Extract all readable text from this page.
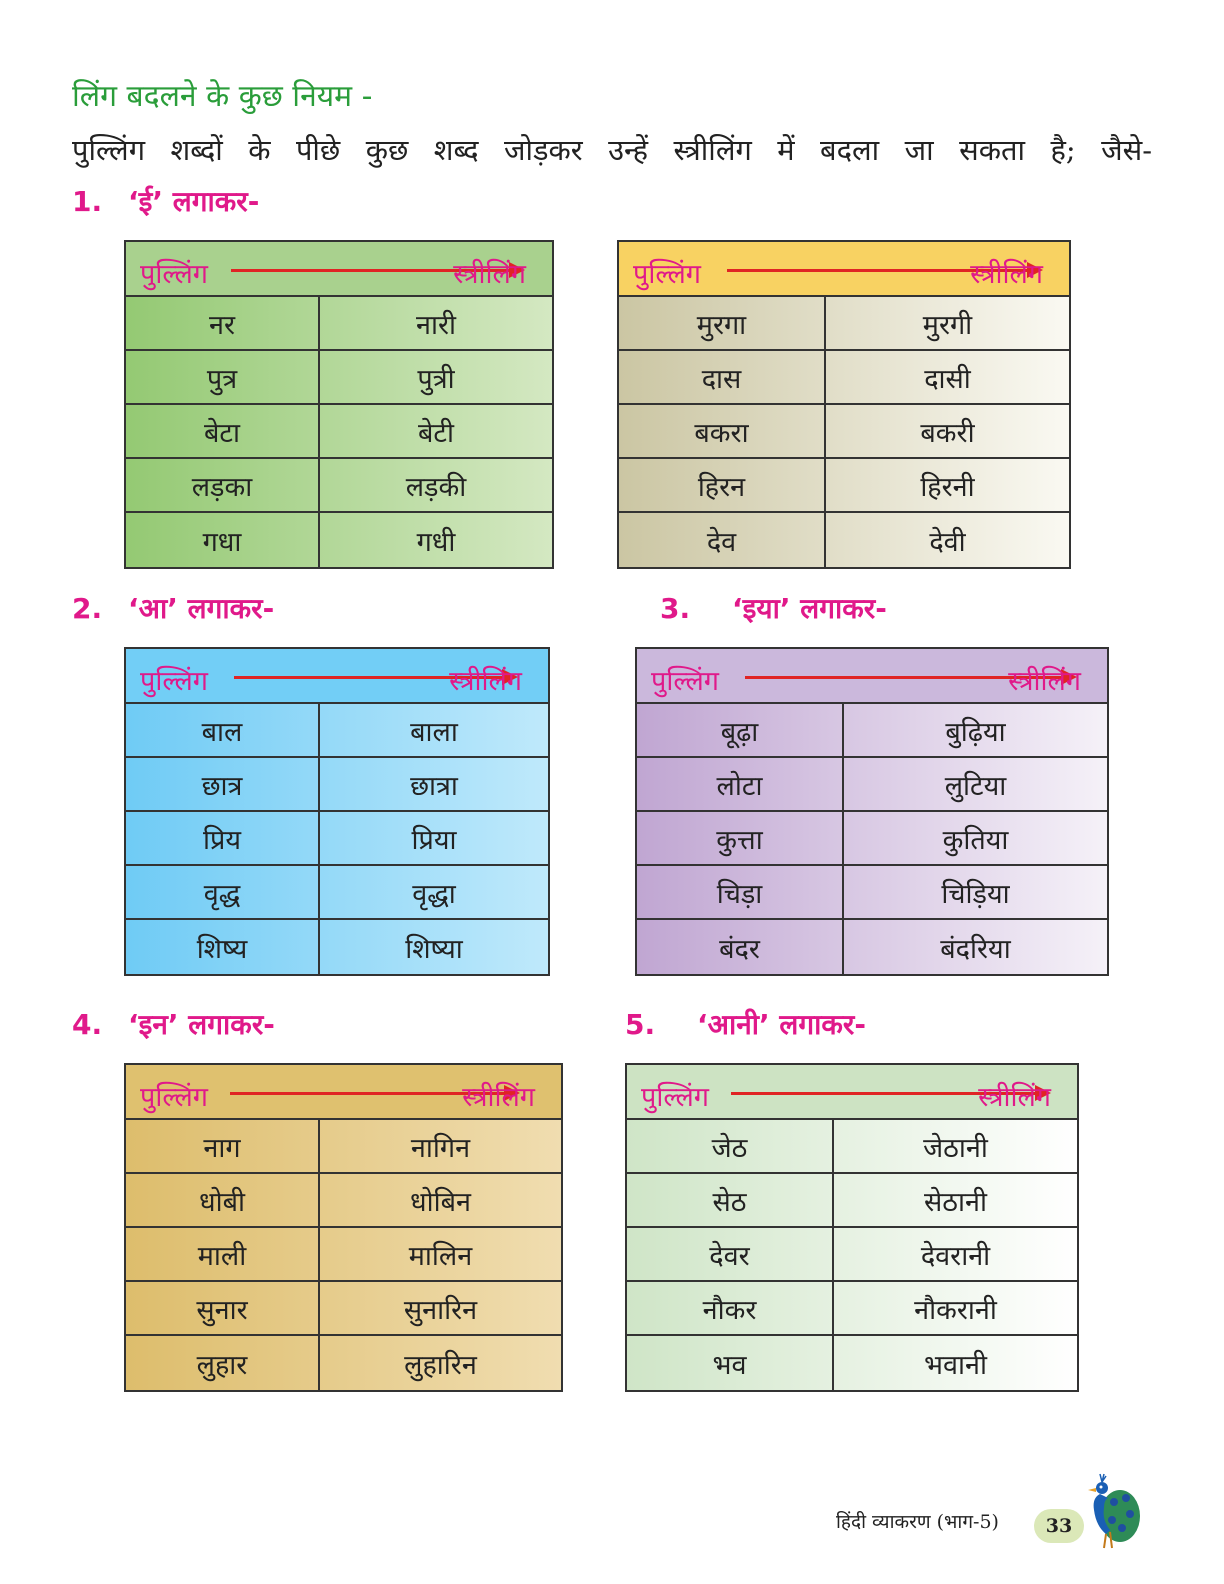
लिंग बदलने के कुछ नियम -
पुल्लिंग शब्दों के पीछे कुछ शब्द जोड़कर उन्हें स्त्रीलिंग में बदला जा सकता है; जैसे-
1. ‘ई’ लगाकर-
2. ‘आ’ लगाकर-	3. ‘इया’ लगाकर-
4. ‘इन’ लगाकर-	5. ‘आनी’ लगाकर-
पुल्लिंग	स्त्रीलिंग
नर	नारी
पुत्र	पुत्री
बेटा	बेटी
लड़का	लड़की
गधा	गधी
पुल्लिंग	स्त्रीलिंग
मुरगा	मुरगी
दास	दासी
बकरा	बकरी
हिरन	हिरनी
देव	देवी
पुल्लिंग	स्त्रीलिंग
बाल	बाला
छात्र	छात्रा
प्रिय	प्रिया
वृद्ध	वृद्धा
शिष्य	शिष्या
पुल्लिंग	स्त्रीलिंग
बूढ़ा	बुढ़िया
लोटा	लुटिया
कुत्ता	कुतिया
चिड़ा	चिड़िया
बंदर	बंदरिया
पुल्लिंग	स्त्रीलिंग
नाग	नागिन
धोबी	धोबिन
माली	मालिन
सुनार	सुनारिन
लुहार	लुहारिन
पुल्लिंग	स्त्रीलिंग
जेठ	जेठानी
सेठ	सेठानी
देवर	देवरानी
नौकर	नौकरानी
भव	भवानी
हिंदी व्याकरण (भाग-5)	33
